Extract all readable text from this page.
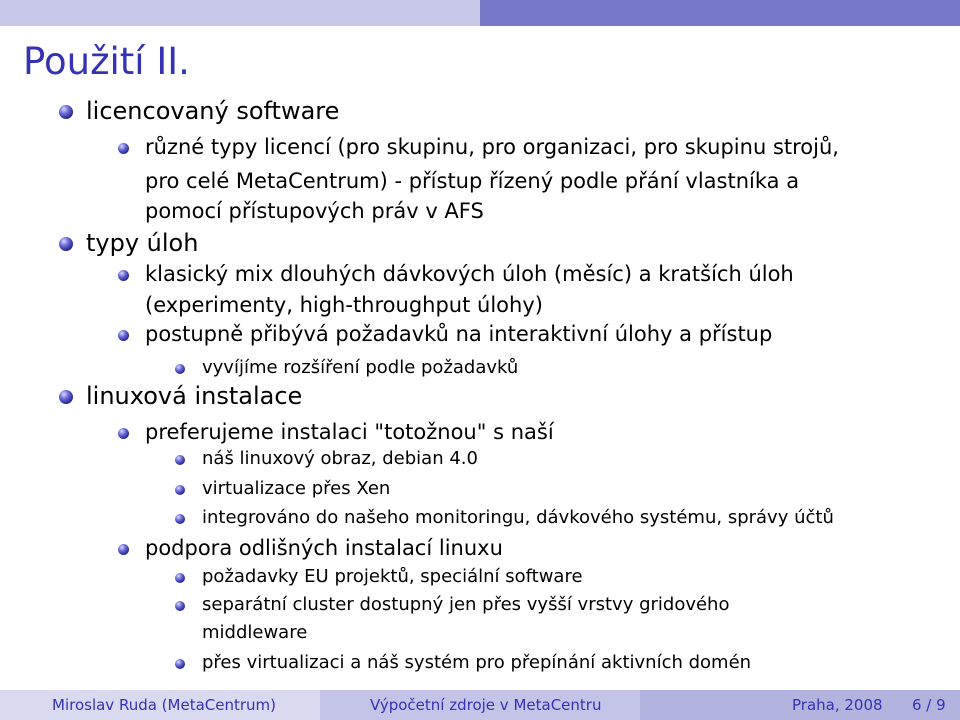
Použití II.
licencovaný software
různé typy licencí (pro skupinu, pro organizaci, pro skupinu strojů,
pro celé MetaCentrum) - přístup řízený podle přání vlastníka a
pomocí přístupových práv v AFS
typy úloh
klasický mix dlouhých dávkových úloh (měsíc) a kratších úloh
(experimenty, high-throughput úlohy)
postupně přibývá požadavků na interaktivní úlohy a přístup
vyvíjíme rozšíření podle požadavků
linuxová instalace
preferujeme instalaci "totožnou" s naší
náš linuxový obraz, debian 4.0
virtualizace přes Xen
integrováno do našeho monitoringu, dávkového systému, správy účtů
podpora odlišných instalací linuxu
požadavky EU projektů, speciální software
separátní cluster dostupný jen přes vyšší vrstvy gridového
middleware
přes virtualizaci a náš systém pro přepínání aktivních domén
Miroslav Ruda (MetaCentrum)	Výpočetní zdroje v MetaCentru	Praha, 2008 6 / 9
